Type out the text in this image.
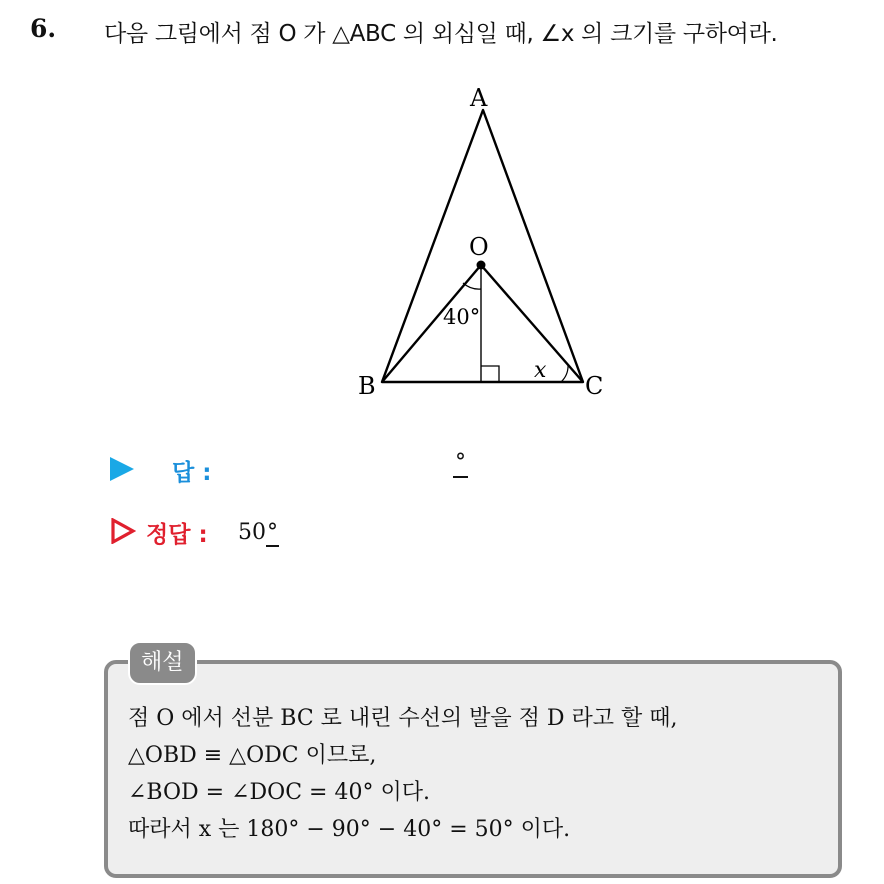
6. 다음 그림에서 점 O 가 △ABC 의 외심일 때, ∠x 의 크기를 구하여라.
A
O
B	C
40°
x
답 :	°
정답 : 50°
해설
점 O 에서 선분 BC 로 내린 수선의 발을 점 D 라고 할 때,
△OBD ≡ △ODC 이므로,
∠BOD = ∠DOC = 40° 이다.
따라서 x 는 180° − 90° − 40° = 50° 이다.
